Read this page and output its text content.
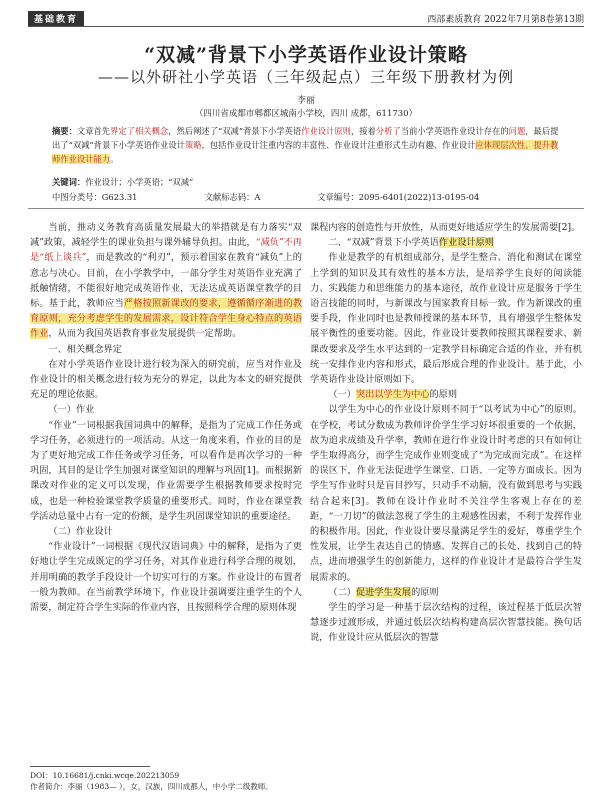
基础教育	西部素质教育 2022年7月第8卷第13期
“双减”背景下小学英语作业设计策略
——以外研社小学英语（三年级起点）三年级下册教材为例
李丽
（四川省成都市郫都区城南小学校，四川 成都，611730）
摘要：文章首先界定了相关概念，然后阐述了“双减”背景下小学英语作业设计原则，接着分析了当前小学英语作业设计存在的问题，最后提出了“双减”背景下小学英语作业设计策略，包括作业设计注重内容的丰富性、作业设计注重形式生动有趣、作业设计应体现层次性、提升教师作业设计能力。
关键词：作业设计；小学英语；“双减”
中图分类号：G623.31	文献标志码：A	文章编号：2095-6401(2022)13-0195-04

当前，推动义务教育高质量发展最大的举措就是有力落实“双减”政策，减轻学生的课业负担与课外辅导负担。由此，“减负”不再是“纸上谈兵”，而是教改的“利刃”，预示着国家在教育“减负”上的意志与决心。目前，在小学教学中，一部分学生对英语作业充满了抵触情绪，不能很好地完成英语作业，无法达成英语课堂教学的目标。基于此，教师应当严格按照新课改的要求，遵循循序渐进的教育原则，充分考虑学生的发展需求，设计符合学生身心特点的英语作业，从而为我国英语教育事业发展提供一定帮助。

一、相关概念界定

在对小学英语作业设计进行较为深入的研究前，应当对作业及作业设计的相关概念进行较为充分的界定，以此为本文的研究提供充足的理论依据。

（一）作业

“作业”一词根据我国词典中的解释，是指为了完成工作任务或学习任务，必须进行的一项活动。从这一角度来看，作业的目的是为了更好地完成工作任务或学习任务，可以看作是再次学习的一种巩固，其目的是让学生加强对课堂知识的理解与巩固[1]。而根据新课改对作业的定义可以发现，作业需要学生根据教师要求按时完成，也是一种检验课堂教学质量的重要形式。同时，作业在课堂教学活动总量中占有一定的份额，是学生巩固课堂知识的重要途径。

（二）作业设计

“作业设计”一词根据《现代汉语词典》中的解释，是指为了更好地让学生完成既定的学习任务，对其作业进行科学合理的规划，并用明确的教学手段设计一个切实可行的方案。作业设计的布置者一般为教师。在当前教学环境下，作业设计强调要注重学生的个人需要，制定符合学生实际的作业内容，且按照科学合理的原则体现

课程内容的创造性与开放性，从而更好地适应学生的发展需要[2]。

二、“双减”背景下小学英语作业设计原则

作业是教学的有机组成部分，是学生整合、消化和测试在课堂上学到的知识及其有效性的基本方法，是培养学生良好的阅读能力、实践能力和思维能力的基本途径，故作业设计应是服务于学生语言技能的同时，与新课改与国家教育目标一致。作为新课改的重要手段，作业同时也是教师授课的基本环节，具有增强学生整体发展平衡性的重要功能。因此，作业设计要教师按照其课程要求、新课改要求及学生水平达到的一定教学目标确定合适的作业，并有机统一安排作业内容和形式，最后形成合理的作业设计。基于此，小学英语作业设计原则如下。

（一）突出以学生为中心的原则

以学生为中心的作业设计原则不同于“以考试为中心”的原则。在学校，考试分数成为教师评价学生学习好坏很重要的一个依据，故为追求成绩及升学率，教师在进行作业设计时考虑的只有如何让学生取得高分，而学生完成作业则变成了“为完成而完成”。在这样的误区下，作业无法促进学生课堂、口语、一定等方面成长。因为学生写作业时只是盲目抄写，只动手不动脑，没有做到思考与实践结合起来[3]。教师在设计作业时不关注学生客观上存在的差距，“一刀切”的做法忽视了学生的主观感性因素，不利于发挥作业的积极作用。因此，作业设计要尽量满足学生的爱好，尊重学生个性发展，让学生表达自己的情感、发挥自己的长处、找到自己的特点，进而增强学生的创新能力，这样的作业设计才是最符合学生发展需求的。

（二）促进学生发展的原则

学生的学习是一种基于层次结构的过程，该过程基于低层次智慧逐步过渡形成，并通过低层次结构构建高层次智慧技能。换句话说，作业设计应从低层次的智慧

DOI：10.16681/j.cnki.wcqe.202213059
作者简介：李丽（1983— ），女，汉族，四川成都人，中小学二级教师。
